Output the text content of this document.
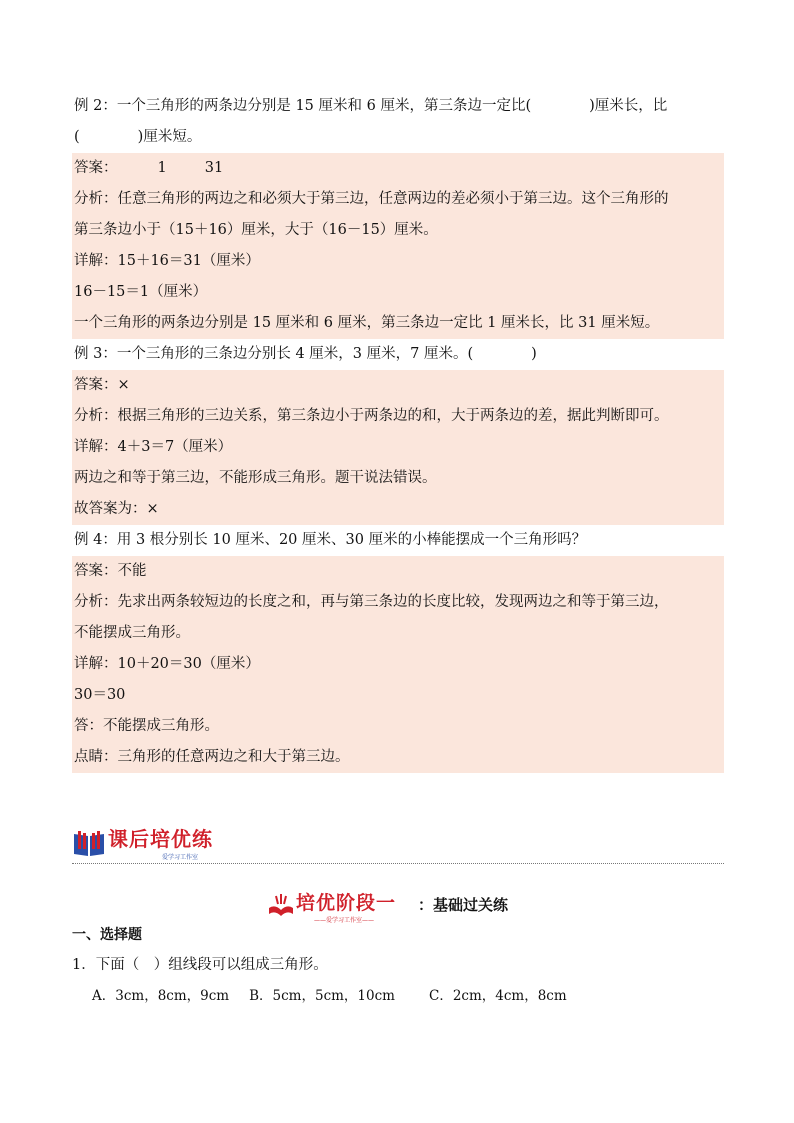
例 2：一个三角形的两条边分别是 15 厘米和 6 厘米，第三条边一定比(　　　　)厘米长，比
(　　　　)厘米短。
答案：	1	31
分析：任意三角形的两边之和必须大于第三边，任意两边的差必须小于第三边。这个三角形的
第三条边小于（15＋16）厘米，大于（16－15）厘米。
详解：15＋16＝31（厘米）
16－15＝1（厘米）
一个三角形的两条边分别是 15 厘米和 6 厘米，第三条边一定比 1 厘米长，比 31 厘米短。
例 3：一个三角形的三条边分别长 4 厘米，3 厘米，7 厘米。(　　　　)
答案：×
分析：根据三角形的三边关系，第三条边小于两条边的和，大于两条边的差，据此判断即可。
详解：4＋3＝7（厘米）
两边之和等于第三边，不能形成三角形。题干说法错误。
故答案为：×
例 4：用 3 根分别长 10 厘米、20 厘米、30 厘米的小棒能摆成一个三角形吗？
答案：不能
分析：先求出两条较短边的长度之和，再与第三条边的长度比较，发现两边之和等于第三边，
不能摆成三角形。
详解：10＋20＝30（厘米）
30＝30
答：不能摆成三角形。
点睛：三角形的任意两边之和大于第三边。
课后培优练
爱学习工作室
培优阶段一
——爱学习工作室——
：基础过关练
一、选择题
1．下面（　）组线段可以组成三角形。
A．3cm，8cm，9cm B．5cm，5cm，10cm	C．2cm，4cm，8cm
